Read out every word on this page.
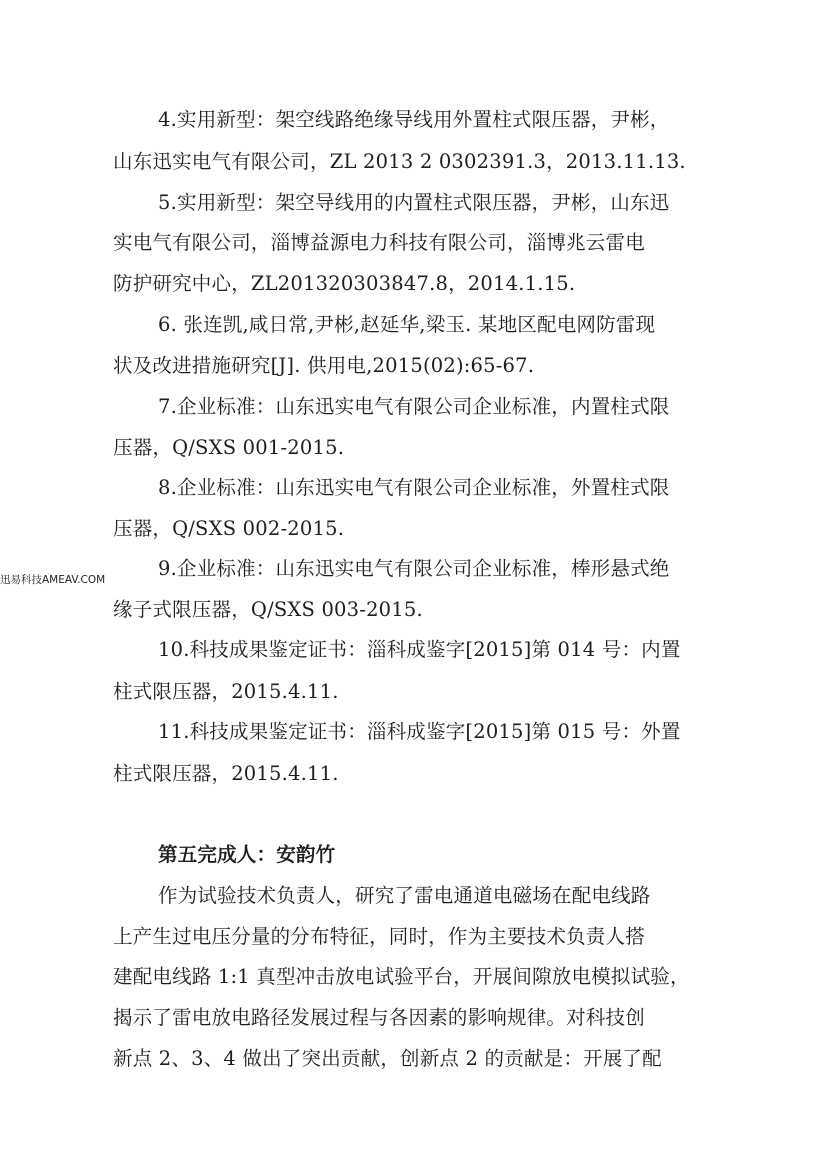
迅易科技AMEAV.COM
4.实用新型：架空线路绝缘导线用外置柱式限压器，尹彬，
山东迅实电气有限公司，ZL 2013 2 0302391.3，2013.11.13.
5.实用新型：架空导线用的内置柱式限压器，尹彬，山东迅
实电气有限公司，淄博益源电力科技有限公司，淄博兆云雷电
防护研究中心，ZL201320303847.8，2014.1.15.
6. 张连凯,咸日常,尹彬,赵延华,梁玉. 某地区配电网防雷现
状及改进措施研究[J]. 供用电,2015(02):65-67.
7.企业标准：山东迅实电气有限公司企业标准，内置柱式限
压器，Q/SXS 001-2015.
8.企业标准：山东迅实电气有限公司企业标准，外置柱式限
压器，Q/SXS 002-2015.
9.企业标准：山东迅实电气有限公司企业标准，棒形悬式绝
缘子式限压器，Q/SXS 003-2015.
10.科技成果鉴定证书：淄科成鉴字[2015]第 014 号：内置
柱式限压器，2015.4.11.
11.科技成果鉴定证书：淄科成鉴字[2015]第 015 号：外置
柱式限压器，2015.4.11.
第五完成人：安韵竹
作为试验技术负责人，研究了雷电通道电磁场在配电线路
上产生过电压分量的分布特征，同时，作为主要技术负责人搭
建配电线路 1:1 真型冲击放电试验平台，开展间隙放电模拟试验，
揭示了雷电放电路径发展过程与各因素的影响规律。对科技创
新点 2、3、4 做出了突出贡献，创新点 2 的贡献是：开展了配
